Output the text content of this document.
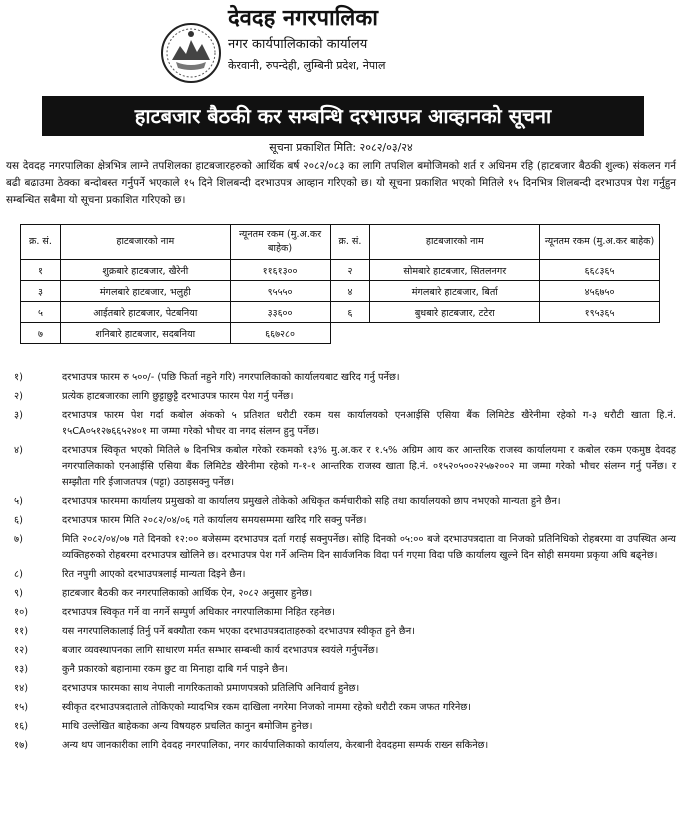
देवदह नगरपालिका
नगर कार्यपालिकाको कार्यालय
केरवानी, रुपन्देही, लुम्बिनी प्रदेश, नेपाल
हाटबजार बैठकी कर सम्बन्धि दरभाउपत्र आव्हानको सूचना
सूचना प्रकाशित मिति: २०८२/०३/२४
यस देवदह नगरपालिका क्षेत्रभित्र लाग्ने तपशिलका हाटबजारहरुको आर्थिक बर्ष २०८२/०८३ का लागि तपशिल बमोजिमको शर्त र अधिनम रहि (हाटबजार बैठकी शुल्क) संकलन गर्न बढी बढाउमा ठेक्का बन्दोबस्त गर्नुपर्ने भएकाले १५ दिने शिलबन्दी दरभाउपत्र आव्हान गरिएको छ। यो सूचना प्रकाशित भएको मितिले १५ दिनभित्र शिलबन्दी दरभाउपत्र पेश गर्नुहुन सम्बन्धित सबैमा यो सूचना प्रकाशित गरिएको छ।
क्र. सं.	हाटबजारको नाम	न्यूनतम रकम (मु.अ.कर बाहेक)	क्र. सं.	हाटबजारको नाम	न्यूनतम रकम (मु.अ.कर बाहेक)
१	शुक्रबारे हाटबजार, खैरेनी	११६१३००	२	सोमबारे हाटबजार, सितलनगर	६६८३६५
३	मंगलबारे हाटबजार, भलुही	९५५५०	४	मंगलबारे हाटबजार, बिर्ता	४५६७५०
५	आईतबारे हाटबजार, पेटबनिया	३३६००	६	बुधबारे हाटबजार, टटेरा	१९५३६५
७	शनिबारे हाटबजार, सदबनिया	६६७२८०			
१)	दरभाउपत्र फारम रु ५००/- (पछि फिर्ता नहुने गरि) नगरपालिकाको कार्यालयबाट खरिद गर्नु पर्नेछ।
२)	प्रत्येक हाटबजारका लागि छुट्टाछुट्टै दरभाउपत्र फारम पेश गर्नु पर्नेछ।
३)	दरभाउपत्र फारम पेश गर्दा कबोल अंकको ५ प्रतिशत धरौटी रकम यस कार्यालयको एनआईसि एसिया बैंक लिमिटेड खैरेनीमा रहेको ग-३ धरौटी खाता हि.नं. १५CA०५१२७६६५२४०१ मा जम्मा गरेको भौचर वा नगद संलग्न हुनु पर्नेछ।
४)	दरभाउपत्र स्विकृत भएको मितिले ७ दिनभित्र कबोल गरेको रकमको १३% मु.अ.कर र १.५% अग्रिम आय कर आन्तरिक राजस्व कार्यालयमा र कबोल रकम एकमुष्ठ देवदह नगरपालिकाको एनआईसि एसिया बैंक लिमिटेड खैरेनीमा रहेको ग-१-१ आन्तरिक राजस्व खाता हि.नं. ०१५२०५००२२५७२००२ मा जम्मा गरेको भौचर संलग्न गर्नु पर्नेछ। र सम्झौता गरि ईजाजतपत्र (पट्टा) उठाइसक्नु पर्नेछ।
५)	दरभाउपत्र फारममा कार्यालय प्रमुखको वा कार्यालय प्रमुखले तोकेको अधिकृत कर्मचारीको सहि तथा कार्यालयको छाप नभएको मान्यता हुने छैन।
६)	दरभाउपत्र फारम मिति २०८२/०४/०६ गते कार्यालय समयसम्ममा खरिद गरि सक्नु पर्नेछ।
७)	मिति २०८२/०४/०७ गते दिनको १२:०० बजेसम्म दरभाउपत्र दर्ता गराई सक्नुपर्नेछ। सोहि दिनको ०५:०० बजे दरभाउपत्रदाता वा निजको प्रतिनिधिको रोहबरमा वा उपस्थित अन्य व्यक्तिहरुको रोहबरमा दरभाउपत्र खोलिने छ। दरभाउपत्र पेश गर्ने अन्तिम दिन सार्वजनिक विदा पर्न गएमा विदा पछि कार्यालय खुल्ने दिन सोही समयमा प्रकृया अघि बढ्नेछ।
८)	रित नपुगी आएको दरभाउपत्रलाई मान्यता दिइने छैन।
९)	हाटबजार बैठकी कर नगरपालिकाको आर्थिक ऐन, २०८२ अनुसार हुनेछ।
१०)	दरभाउपत्र स्विकृत गर्ने वा नगर्ने सम्पुर्ण अधिकार नगरपालिकामा निहित रहनेछ।
११)	यस नगरपालिकालाई तिर्नु पर्ने बक्यौता रकम भएका दरभाउपत्रदाताहरुको दरभाउपत्र स्वीकृत हुने छैन।
१२)	बजार व्यवस्थापनका लागि साधारण मर्मत सम्भार सम्बन्धी कार्य दरभाउपत्र स्वयंले गर्नुपर्नेछ।
१३)	कुनै प्रकारको बहानामा रकम छुट वा मिनाहा दाबि गर्न पाइने छैन।
१४)	दरभाउपत्र फारमका साथ नेपाली नागरिकताको प्रमाणपत्रको प्रतिलिपि अनिवार्य हुनेछ।
१५)	स्वीकृत दरभाउपत्रदाताले तोकिएको म्यादभित्र रकम दाखिला नगरेमा निजको नाममा रहेको धरौटी रकम जफत गरिनेछ।
१६)	माथि उल्लेखित बाहेकका अन्य विषयहरु प्रचलित कानुन बमोजिम हुनेछ।
१७)	अन्य थप जानकारीका लागि देवदह नगरपालिका, नगर कार्यपालिकाको कार्यालय, केरबानी देवदहमा सम्पर्क राख्न सकिनेछ।
